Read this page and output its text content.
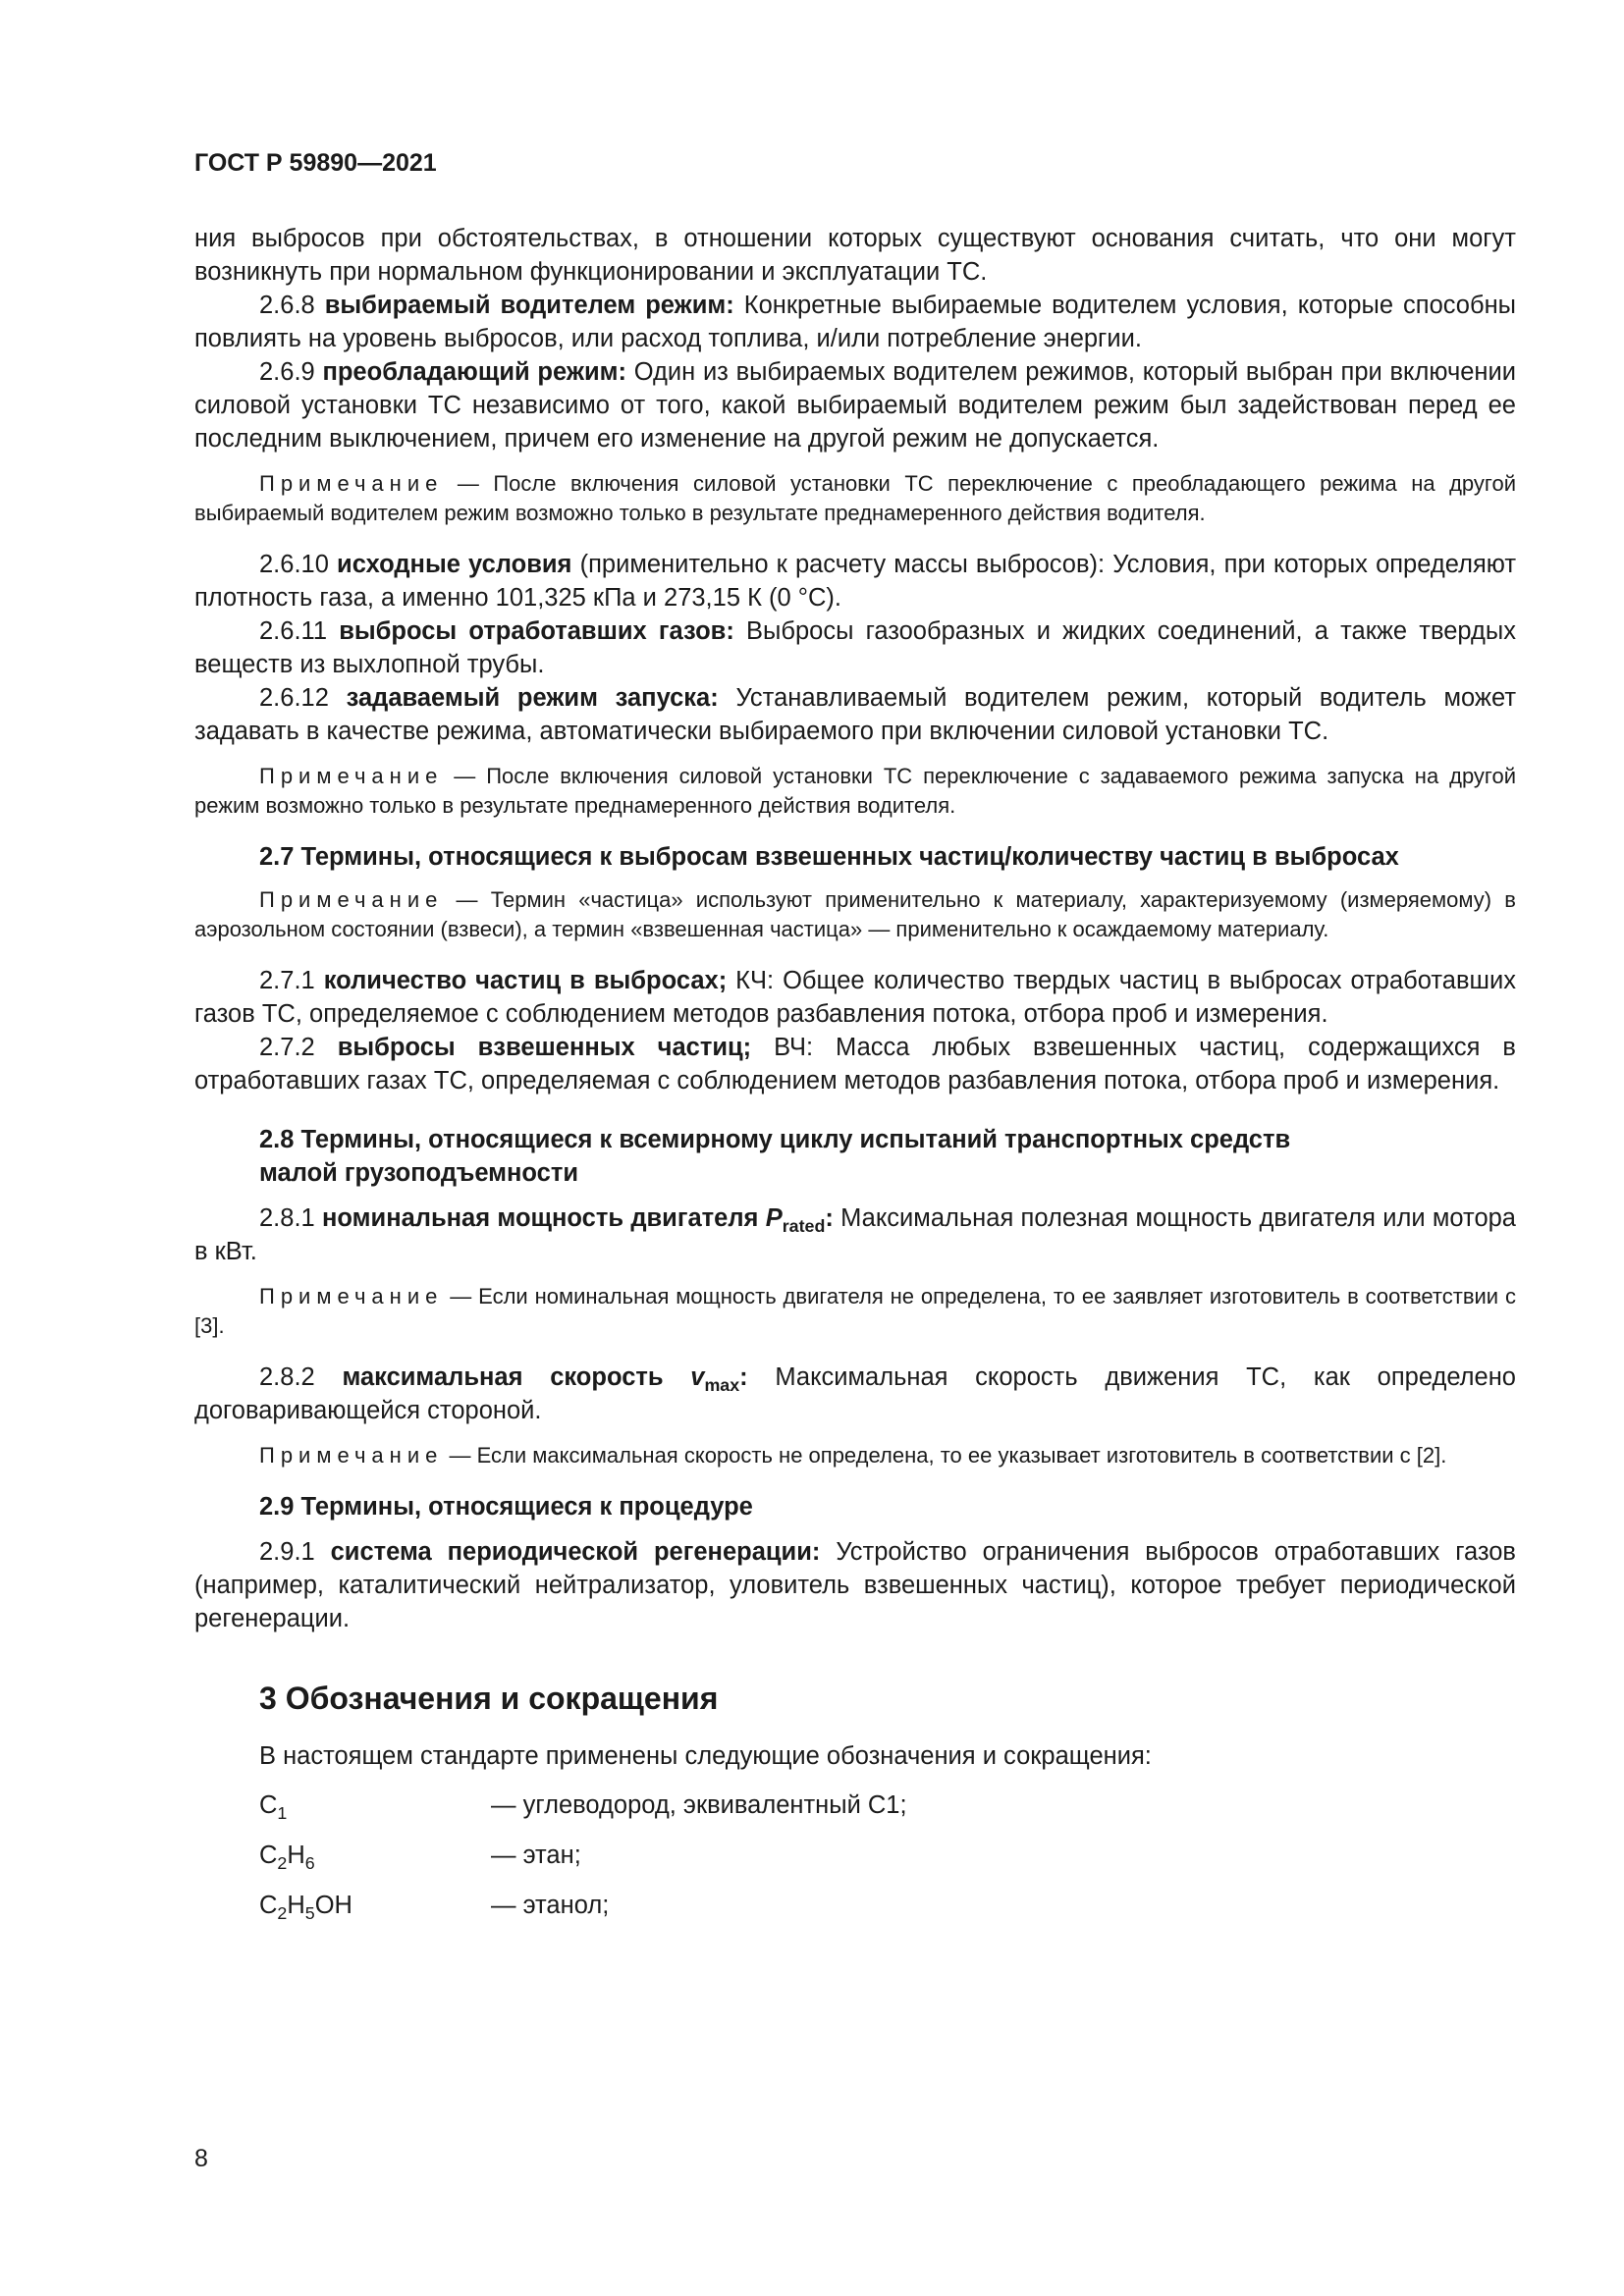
ГОСТ Р 59890—2021

ния выбросов при обстоятельствах, в отношении которых существуют основания считать, что они могут возникнуть при нормальном функционировании и эксплуатации ТС.

2.6.8 выбираемый водителем режим: Конкретные выбираемые водителем условия, которые способны повлиять на уровень выбросов, или расход топлива, и/или потребление энергии.

2.6.9 преобладающий режим: Один из выбираемых водителем режимов, который выбран при включении силовой установки ТС независимо от того, какой выбираемый водителем режим был задействован перед ее последним выключением, причем его изменение на другой режим не допускается.

Примечание — После включения силовой установки ТС переключение с преобладающего режима на другой выбираемый водителем режим возможно только в результате преднамеренного действия водителя.

2.6.10 исходные условия (применительно к расчету массы выбросов): Условия, при которых определяют плотность газа, а именно 101,325 кПа и 273,15 К (0 °С).

2.6.11 выбросы отработавших газов: Выбросы газообразных и жидких соединений, а также твердых веществ из выхлопной трубы.

2.6.12 задаваемый режим запуска: Устанавливаемый водителем режим, который водитель может задавать в качестве режима, автоматически выбираемого при включении силовой установки ТС.

Примечание — После включения силовой установки ТС переключение с задаваемого режима запуска на другой режим возможно только в результате преднамеренного действия водителя.

2.7 Термины, относящиеся к выбросам взвешенных частиц/количеству частиц в выбросах

Примечание — Термин «частица» используют применительно к материалу, характеризуемому (измеряемому) в аэрозольном состоянии (взвеси), а термин «взвешенная частица» — применительно к осаждаемому материалу.

2.7.1 количество частиц в выбросах; КЧ: Общее количество твердых частиц в выбросах отработавших газов ТС, определяемое с соблюдением методов разбавления потока, отбора проб и измерения.

2.7.2 выбросы взвешенных частиц; ВЧ: Масса любых взвешенных частиц, содержащихся в отработавших газах ТС, определяемая с соблюдением методов разбавления потока, отбора проб и измерения.

2.8 Термины, относящиеся к всемирному циклу испытаний транспортных средств
малой грузоподъемности

2.8.1 номинальная мощность двигателя $P_{rated}$: Максимальная полезная мощность двигателя или мотора в кВт.

Примечание — Если номинальная мощность двигателя не определена, то ее заявляет изготовитель в соответствии с [3].

2.8.2 максимальная скорость $v_{max}$: Максимальная скорость движения ТС, как определено договаривающейся стороной.

Примечание — Если максимальная скорость не определена, то ее указывает изготовитель в соответствии с [2].

2.9 Термины, относящиеся к процедуре

2.9.1 система периодической регенерации: Устройство ограничения выбросов отработавших газов (например, каталитический нейтрализатор, уловитель взвешенных частиц), которое требует периодической регенерации.

3 Обозначения и сокращения

В настоящем стандарте применены следующие обозначения и сокращения:

$C_1$	— углеводород, эквивалентный С1;
$C_2H_6$	— этан;
$C_2H_5OH$	— этанол;
8
